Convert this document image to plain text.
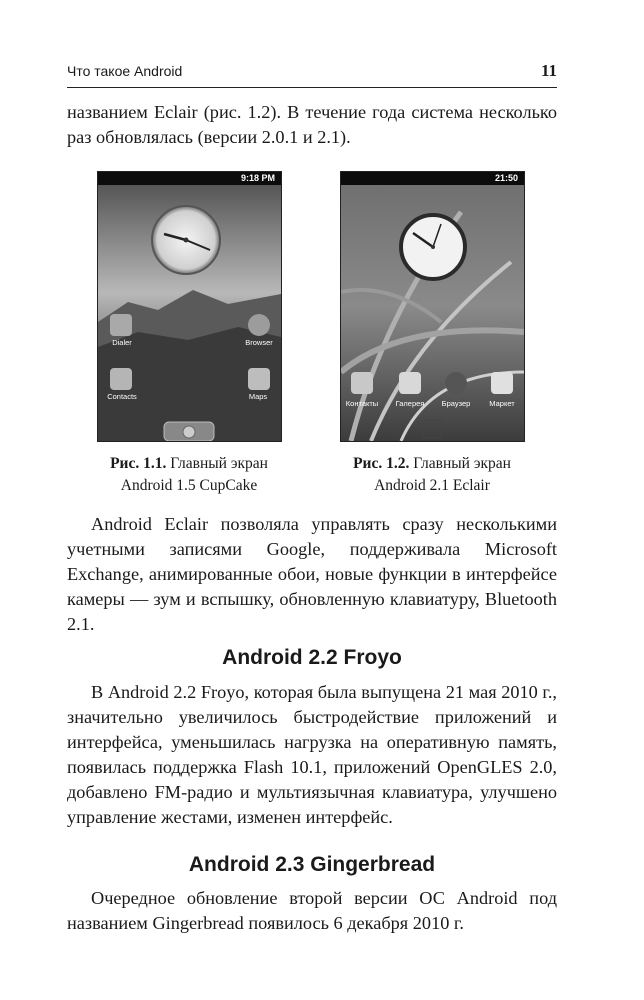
Что такое Android	11

названием Eclair (рис. 1.2). В течение года система несколько раз обновлялась (версии 2.0.1 и 2.1).

9:18 PM
Dialer	Browser
Contacts	Maps
21:50
Контакты	Галерея	Браузер	Маркет
Рис. 1.1. Главный экран
Android 1.5 CupCake
Рис. 1.2. Главный экран
Android 2.1 Eclair

Android Eclair позволяла управлять сразу несколькими учетными записями Google, поддерживала Microsoft Exchange, анимированные обои, новые функции в интерфейсе камеры — зум и вспышку, обновленную клавиатуру, Bluetooth 2.1.

Android 2.2 Froyo

В Android 2.2 Froyo, которая была выпущена 21 мая 2010 г., значительно увеличилось быстродействие приложений и интерфейса, уменьшилась нагрузка на оперативную память, появилась поддержка Flash 10.1, приложений OpenGLES 2.0, добавлено FM-радио и мультиязычная клавиатура, улучшено управление жестами, изменен интерфейс.

Android 2.3 Gingerbread

Очередное обновление второй версии ОС Android под названием Gingerbread появилось 6 декабря 2010 г.
